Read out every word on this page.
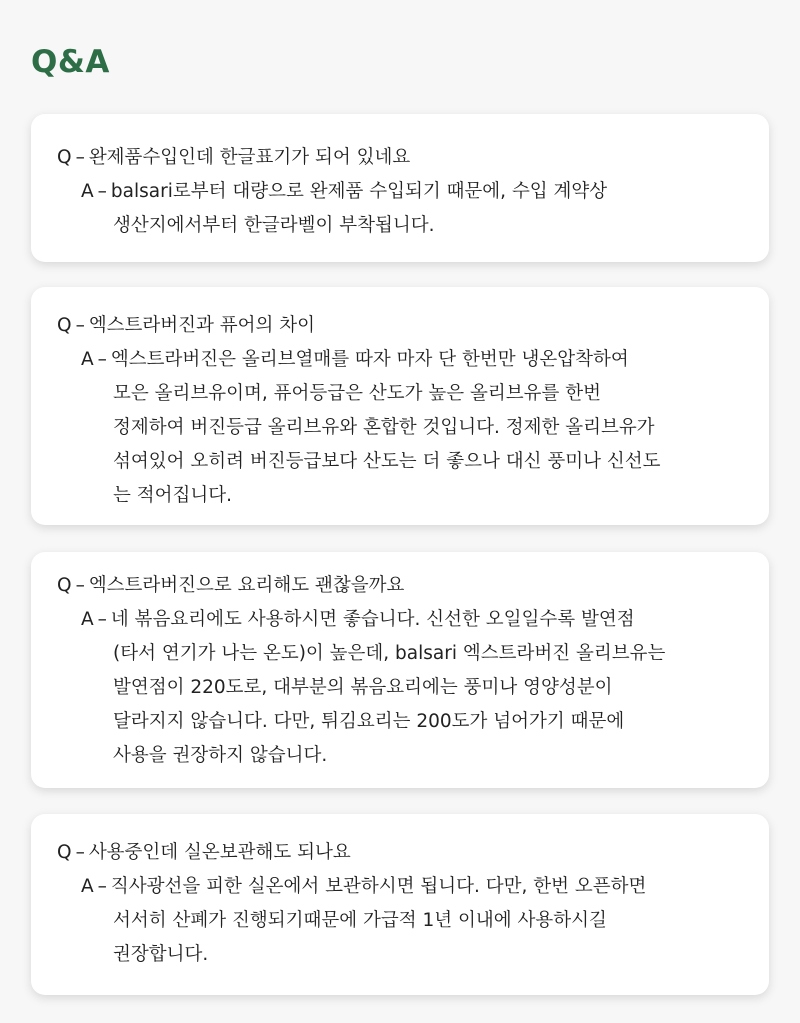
Q&A
Q – 완제품수입인데 한글표기가 되어 있네요
A – balsari로부터 대량으로 완제품 수입되기 때문에, 수입 계약상
생산지에서부터 한글라벨이 부착됩니다.
Q – 엑스트라버진과 퓨어의 차이
A – 엑스트라버진은 올리브열매를 따자 마자 단 한번만 냉온압착하여
모은 올리브유이며, 퓨어등급은 산도가 높은 올리브유를 한번
정제하여 버진등급 올리브유와 혼합한 것입니다. 정제한 올리브유가
섞여있어 오히려 버진등급보다 산도는 더 좋으나 대신 풍미나 신선도
는 적어집니다.
Q – 엑스트라버진으로 요리해도 괜찮을까요
A – 네 볶음요리에도 사용하시면 좋습니다. 신선한 오일일수록 발연점
(타서 연기가 나는 온도)이 높은데, balsari 엑스트라버진 올리브유는
발연점이 220도로, 대부분의 볶음요리에는 풍미나 영양성분이
달라지지 않습니다. 다만, 튀김요리는 200도가 넘어가기 때문에
사용을 권장하지 않습니다.
Q – 사용중인데 실온보관해도 되나요
A – 직사광선을 피한 실온에서 보관하시면 됩니다. 다만, 한번 오픈하면
서서히 산폐가 진행되기때문에 가급적 1년 이내에 사용하시길
권장합니다.
